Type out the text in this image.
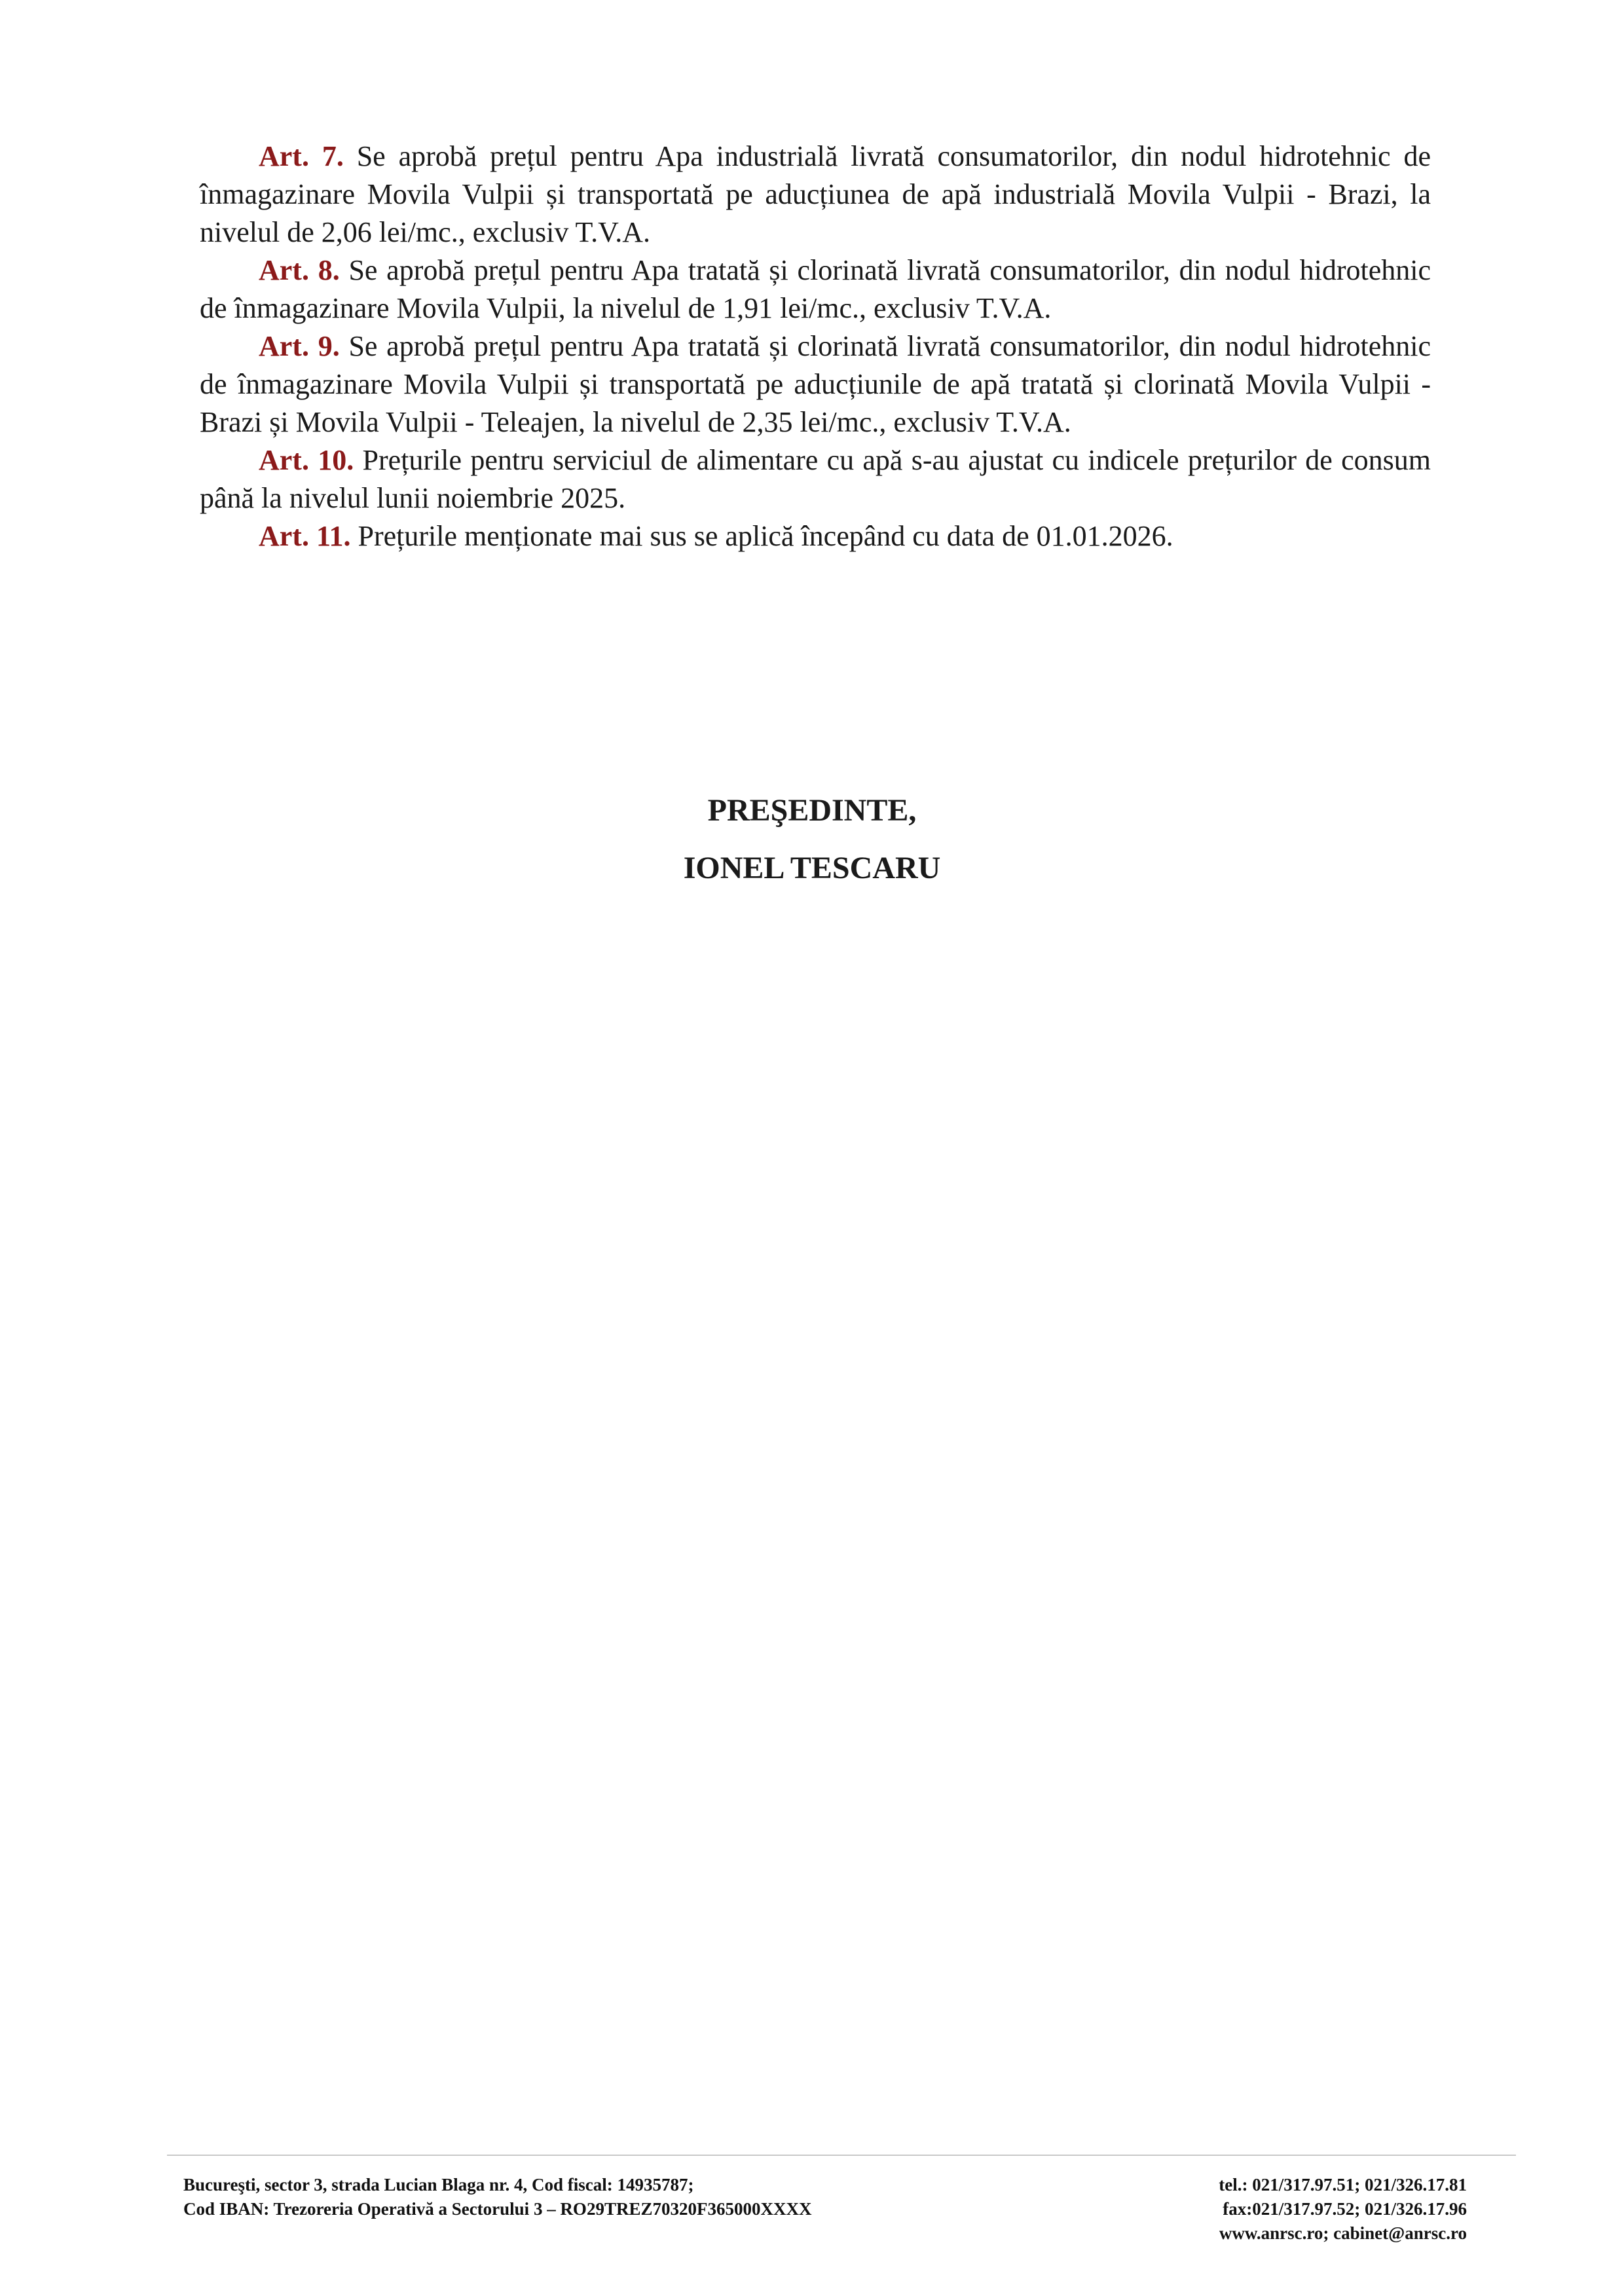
Art. 7. Se aprobă prețul pentru Apa industrială livrată consumatorilor, din nodul hidrotehnic de înmagazinare Movila Vulpii și transportată pe aducțiunea de apă industrială Movila Vulpii - Brazi, la nivelul de 2,06 lei/mc., exclusiv T.V.A.

Art. 8. Se aprobă prețul pentru Apa tratată și clorinată livrată consumatorilor, din nodul hidrotehnic de înmagazinare Movila Vulpii, la nivelul de 1,91 lei/mc., exclusiv T.V.A.

Art. 9. Se aprobă prețul pentru Apa tratată și clorinată livrată consumatorilor, din nodul hidrotehnic de înmagazinare Movila Vulpii și transportată pe aducțiunile de apă tratată și clorinată Movila Vulpii - Brazi și Movila Vulpii - Teleajen, la nivelul de 2,35 lei/mc., exclusiv T.V.A.

Art. 10. Prețurile pentru serviciul de alimentare cu apă s-au ajustat cu indicele prețurilor de consum până la nivelul lunii noiembrie 2025.

Art. 11. Prețurile menționate mai sus se aplică începând cu data de 01.01.2026.

PREŞEDINTE,
IONEL TESCARU
Bucureşti, sector 3, strada Lucian Blaga nr. 4, Cod fiscal: 14935787;
Cod IBAN: Trezoreria Operativă a Sectorului 3 – RO29TREZ70320F365000XXXX
tel.: 021/317.97.51; 021/326.17.81
fax:021/317.97.52; 021/326.17.96
www.anrsc.ro; cabinet@anrsc.ro
